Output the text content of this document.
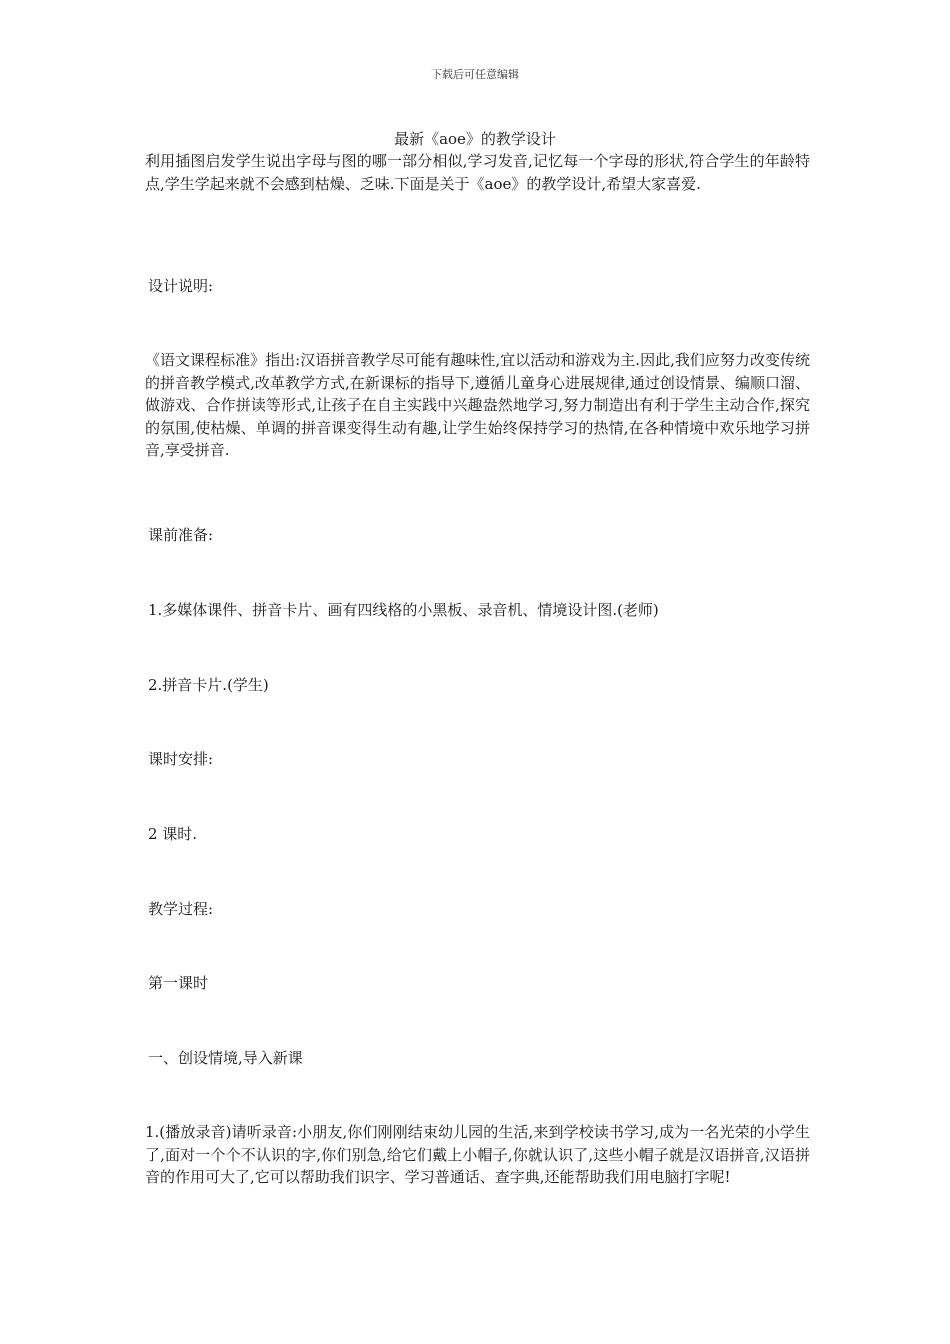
下载后可任意编辑
最新《aoe》的教学设计

利用插图启发学生说出字母与图的哪一部分相似,学习发音,记忆每一个字母的形状,符合学生的年龄特点,学生学起来就不会感到枯燥、乏味.下面是关于《aoe》的教学设计,希望大家喜爱.

设计说明:

《语文课程标准》指出:汉语拼音教学尽可能有趣味性,宜以活动和游戏为主.因此,我们应努力改变传统的拼音教学模式,改革教学方式,在新课标的指导下,遵循儿童身心进展规律,通过创设情景、编顺口溜、做游戏、合作拼读等形式,让孩子在自主实践中兴趣盎然地学习,努力制造出有利于学生主动合作,探究的氛围,使枯燥、单调的拼音课变得生动有趣,让学生始终保持学习的热情,在各种情境中欢乐地学习拼音,享受拼音.

课前准备:

1.多媒体课件、拼音卡片、画有四线格的小黑板、录音机、情境设计图.(老师)

2.拼音卡片.(学生)

课时安排:

2 课时.

教学过程:

第一课时

一、创设情境,导入新课

1.(播放录音)请听录音:小朋友,你们刚刚结束幼儿园的生活,来到学校读书学习,成为一名光荣的小学生了,面对一个个不认识的字,你们别急,给它们戴上小帽子,你就认识了,这些小帽子就是汉语拼音,汉语拼音的作用可大了,它可以帮助我们识字、学习普通话、查字典,还能帮助我们用电脑打字呢!
